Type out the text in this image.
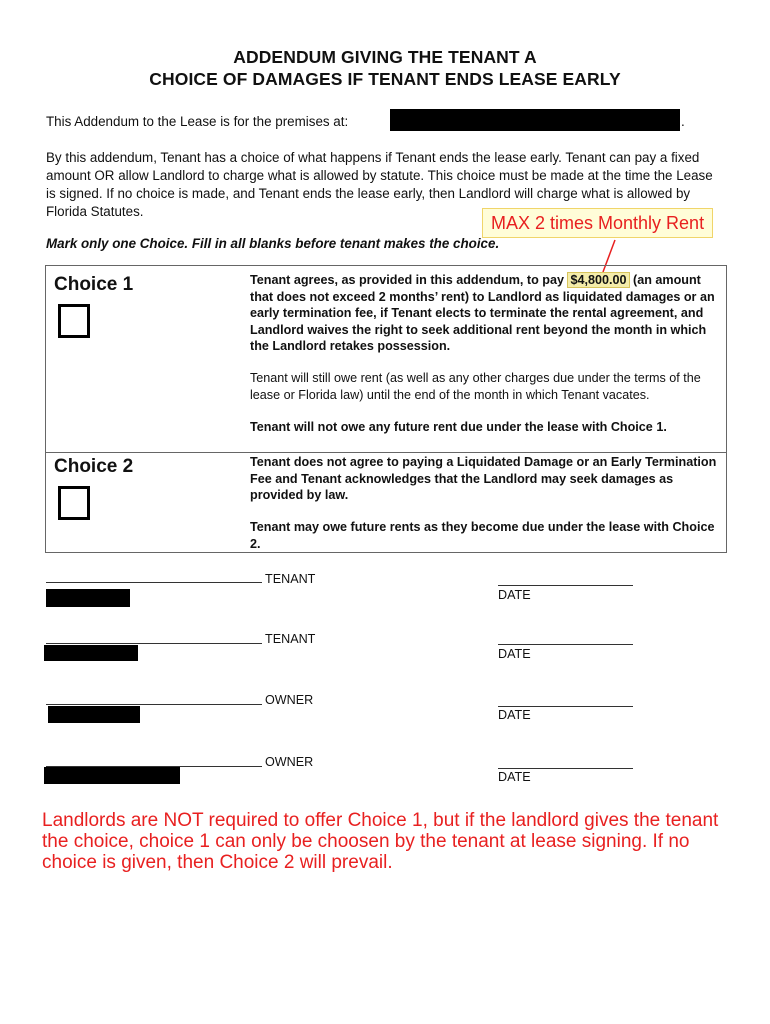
ADDENDUM GIVING THE TENANT A
CHOICE OF DAMAGES IF TENANT ENDS LEASE EARLY
This Addendum to the Lease is for the premises at:	.
By this addendum, Tenant has a choice of what happens if Tenant ends the lease early. Tenant can pay a fixed amount OR allow Landlord to charge what is allowed by statute. This choice must be made at the time the Lease is signed. If no choice is made, and Tenant ends the lease early, then Landlord will charge what is allowed by Florida Statutes.
MAX 2 times Monthly Rent
Mark only one Choice. Fill in all blanks before tenant makes the choice.
Choice 1	Tenant agrees, as provided in this addendum, to pay $4,800.00 (an amount that does not exceed 2 months’ rent) to Landlord as liquidated damages or an early termination fee, if Tenant elects to terminate the rental agreement, and Landlord waives the right to seek additional rent beyond the month in which the Landlord retakes possession.
Tenant will still owe rent (as well as any other charges due under the terms of the lease or Florida law) until the end of the month in which Tenant vacates.
Tenant will not owe any future rent due under the lease with Choice 1.
Choice 2	Tenant does not agree to paying a Liquidated Damage or an Early Termination Fee and Tenant acknowledges that the Landlord may seek damages as provided by law.
Tenant may owe future rents as they become due under the lease with Choice 2.
TENANT
DATE
TENANT
DATE
OWNER
DATE
OWNER
DATE
Landlords are NOT required to offer Choice 1, but if the landlord gives the tenant the choice, choice 1 can only be choosen by the tenant at lease signing. If no choice is given, then Choice 2 will prevail.
